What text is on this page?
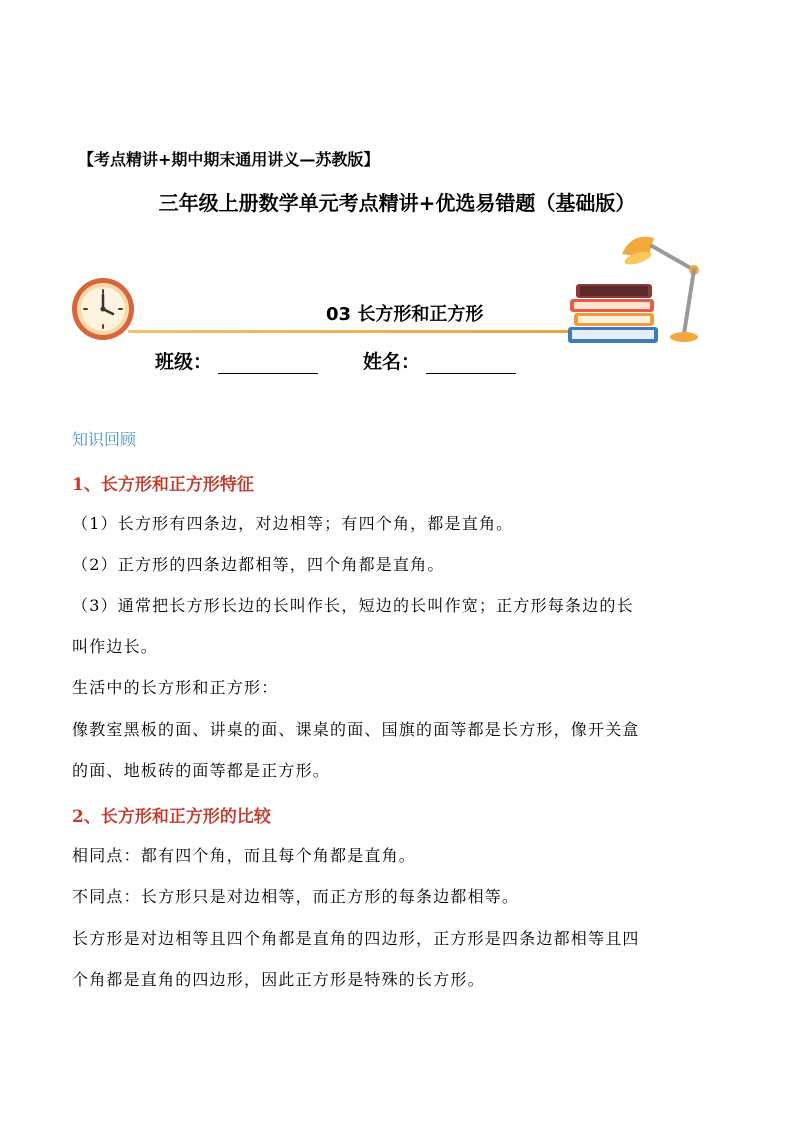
【考点精讲+期中期末通用讲义—苏教版】
三年级上册数学单元考点精讲+优选易错题（基础版）
03 长方形和正方形
班级：	姓名：
知识回顾
1、长方形和正方形特征
（1）长方形有四条边，对边相等；有四个角，都是直角。
（2）正方形的四条边都相等，四个角都是直角。
（3）通常把长方形长边的长叫作长，短边的长叫作宽；正方形每条边的长
叫作边长。
生活中的长方形和正方形：
像教室黑板的面、讲桌的面、课桌的面、国旗的面等都是长方形，像开关盒
的面、地板砖的面等都是正方形。
2、长方形和正方形的比较
相同点：都有四个角，而且每个角都是直角。
不同点：长方形只是对边相等，而正方形的每条边都相等。
长方形是对边相等且四个角都是直角的四边形，正方形是四条边都相等且四
个角都是直角的四边形，因此正方形是特殊的长方形。
